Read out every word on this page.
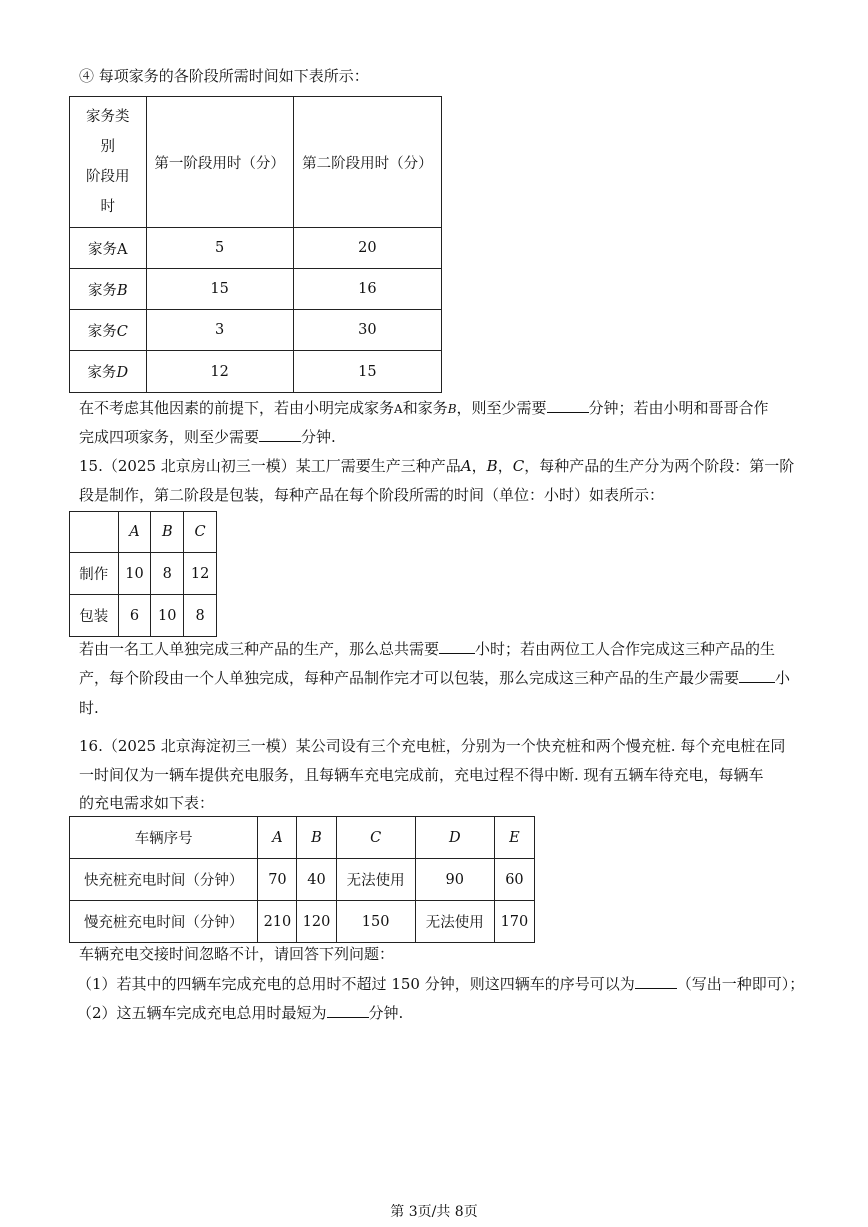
④ 每项家务的各阶段所需时间如下表所示：
家务类
别
阶段用
时	第一阶段用时（分）	第二阶段用时（分）
家务A	5	20
家务B	15	16
家务C	3	30
家务D	12	15
在不考虑其他因素的前提下，若由小明完成家务A和家务B，则至少需要	分钟；若由小明和哥哥合作
完成四项家务，则至少需要	分钟.
15.（2025 北京房山初三一模）某工厂需要生产三种产品A，B，C，每种产品的生产分为两个阶段：第一阶
段是制作，第二阶段是包装，每种产品在每个阶段所需的时间（单位：小时）如表所示：
	A	B	C
制作	10	8	12
包装	6	10	8
若由一名工人单独完成三种产品的生产，那么总共需要 小时；若由两位工人合作完成这三种产品的生
产，每个阶段由一个人单独完成，每种产品制作完才可以包装，那么完成这三种产品的生产最少需要 小
时.
16.（2025 北京海淀初三一模）某公司设有三个充电桩，分别为一个快充桩和两个慢充桩. 每个充电桩在同
一时间仅为一辆车提供充电服务，且每辆车充电完成前，充电过程不得中断. 现有五辆车待充电，每辆车
的充电需求如下表：
车辆序号	A	B	C	D	E
快充桩充电时间（分钟）	70	40	无法使用	90	60
慢充桩充电时间（分钟）	210	120	150	无法使用	170
车辆充电交接时间忽略不计，请回答下列问题：
（1）若其中的四辆车完成充电的总用时不超过 150 分钟，则这四辆车的序号可以为	（写出一种即可）；
（2）这五辆车完成充电总用时最短为	分钟.
第 3页/共 8页
